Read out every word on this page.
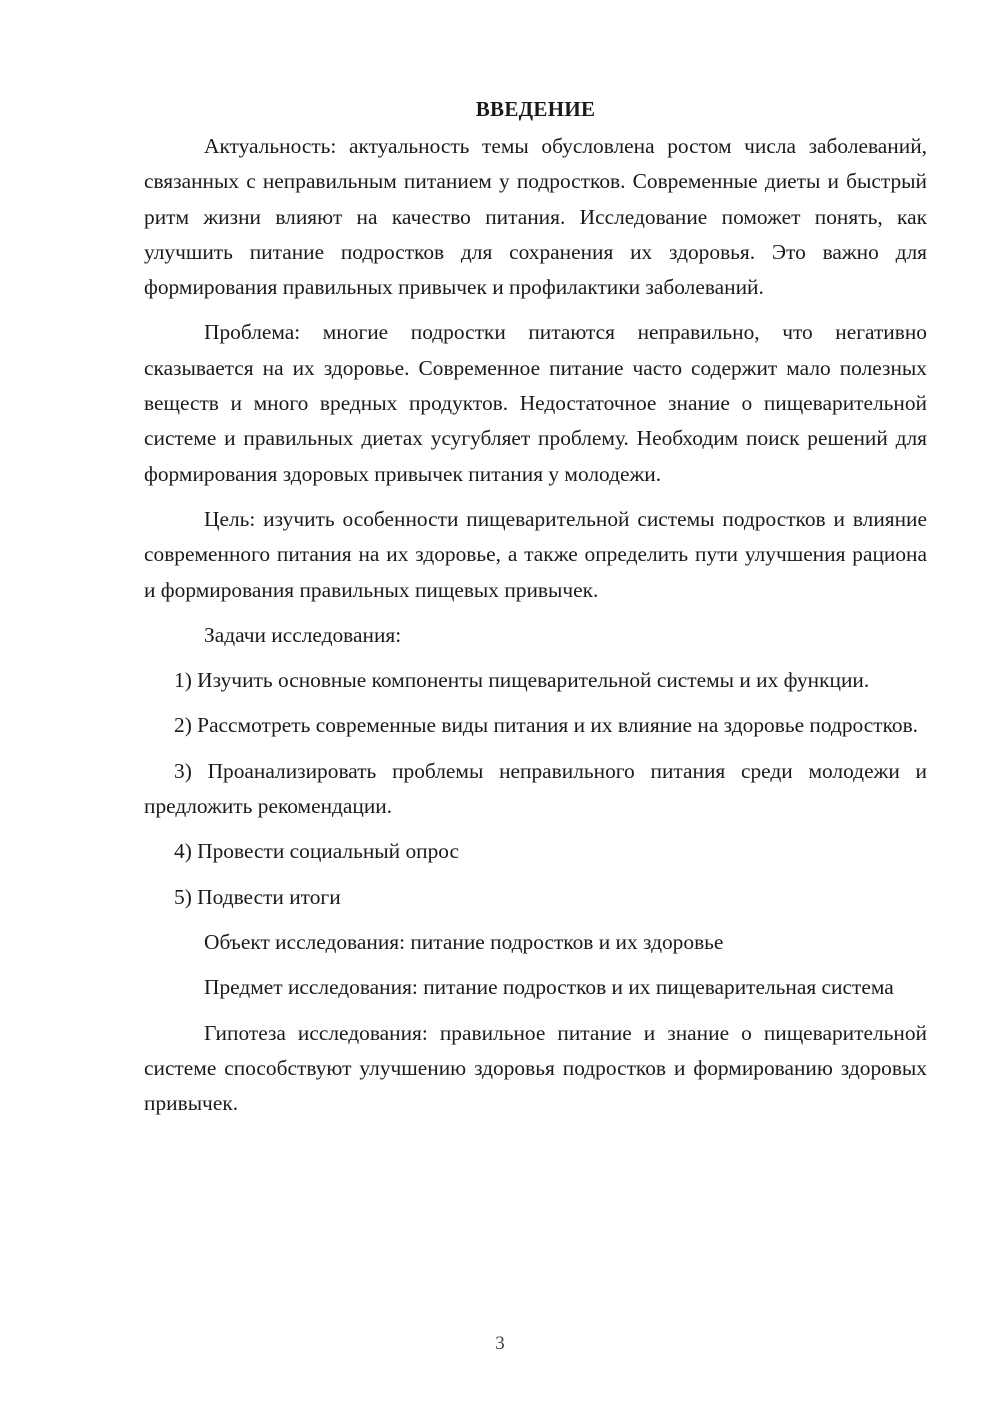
ВВЕДЕНИЕ

Актуальность: актуальность темы обусловлена ростом числа заболеваний, связанных с неправильным питанием у подростков. Современные диеты и быстрый ритм жизни влияют на качество питания. Исследование поможет понять, как улучшить питание подростков для сохранения их здоровья. Это важно для формирования правильных привычек и профилактики заболеваний.

Проблема: многие подростки питаются неправильно, что негативно сказывается на их здоровье. Современное питание часто содержит мало полезных веществ и много вредных продуктов. Недостаточное знание о пищеварительной системе и правильных диетах усугубляет проблему. Необходим поиск решений для формирования здоровых привычек питания у молодежи.

Цель: изучить особенности пищеварительной системы подростков и влияние современного питания на их здоровье, а также определить пути улучшения рациона и формирования правильных пищевых привычек.

Задачи исследования:

1) Изучить основные компоненты пищеварительной системы и их функции.

2) Рассмотреть современные виды питания и их влияние на здоровье подростков.

3) Проанализировать проблемы неправильного питания среди молодежи и предложить рекомендации.

4) Провести социальный опрос

5) Подвести итоги

Объект исследования: питание подростков и их здоровье

Предмет исследования: питание подростков и их пищеварительная система

Гипотеза исследования: правильное питание и знание о пищеварительной системе способствуют улучшению здоровья подростков и формированию здоровых привычек.

3
